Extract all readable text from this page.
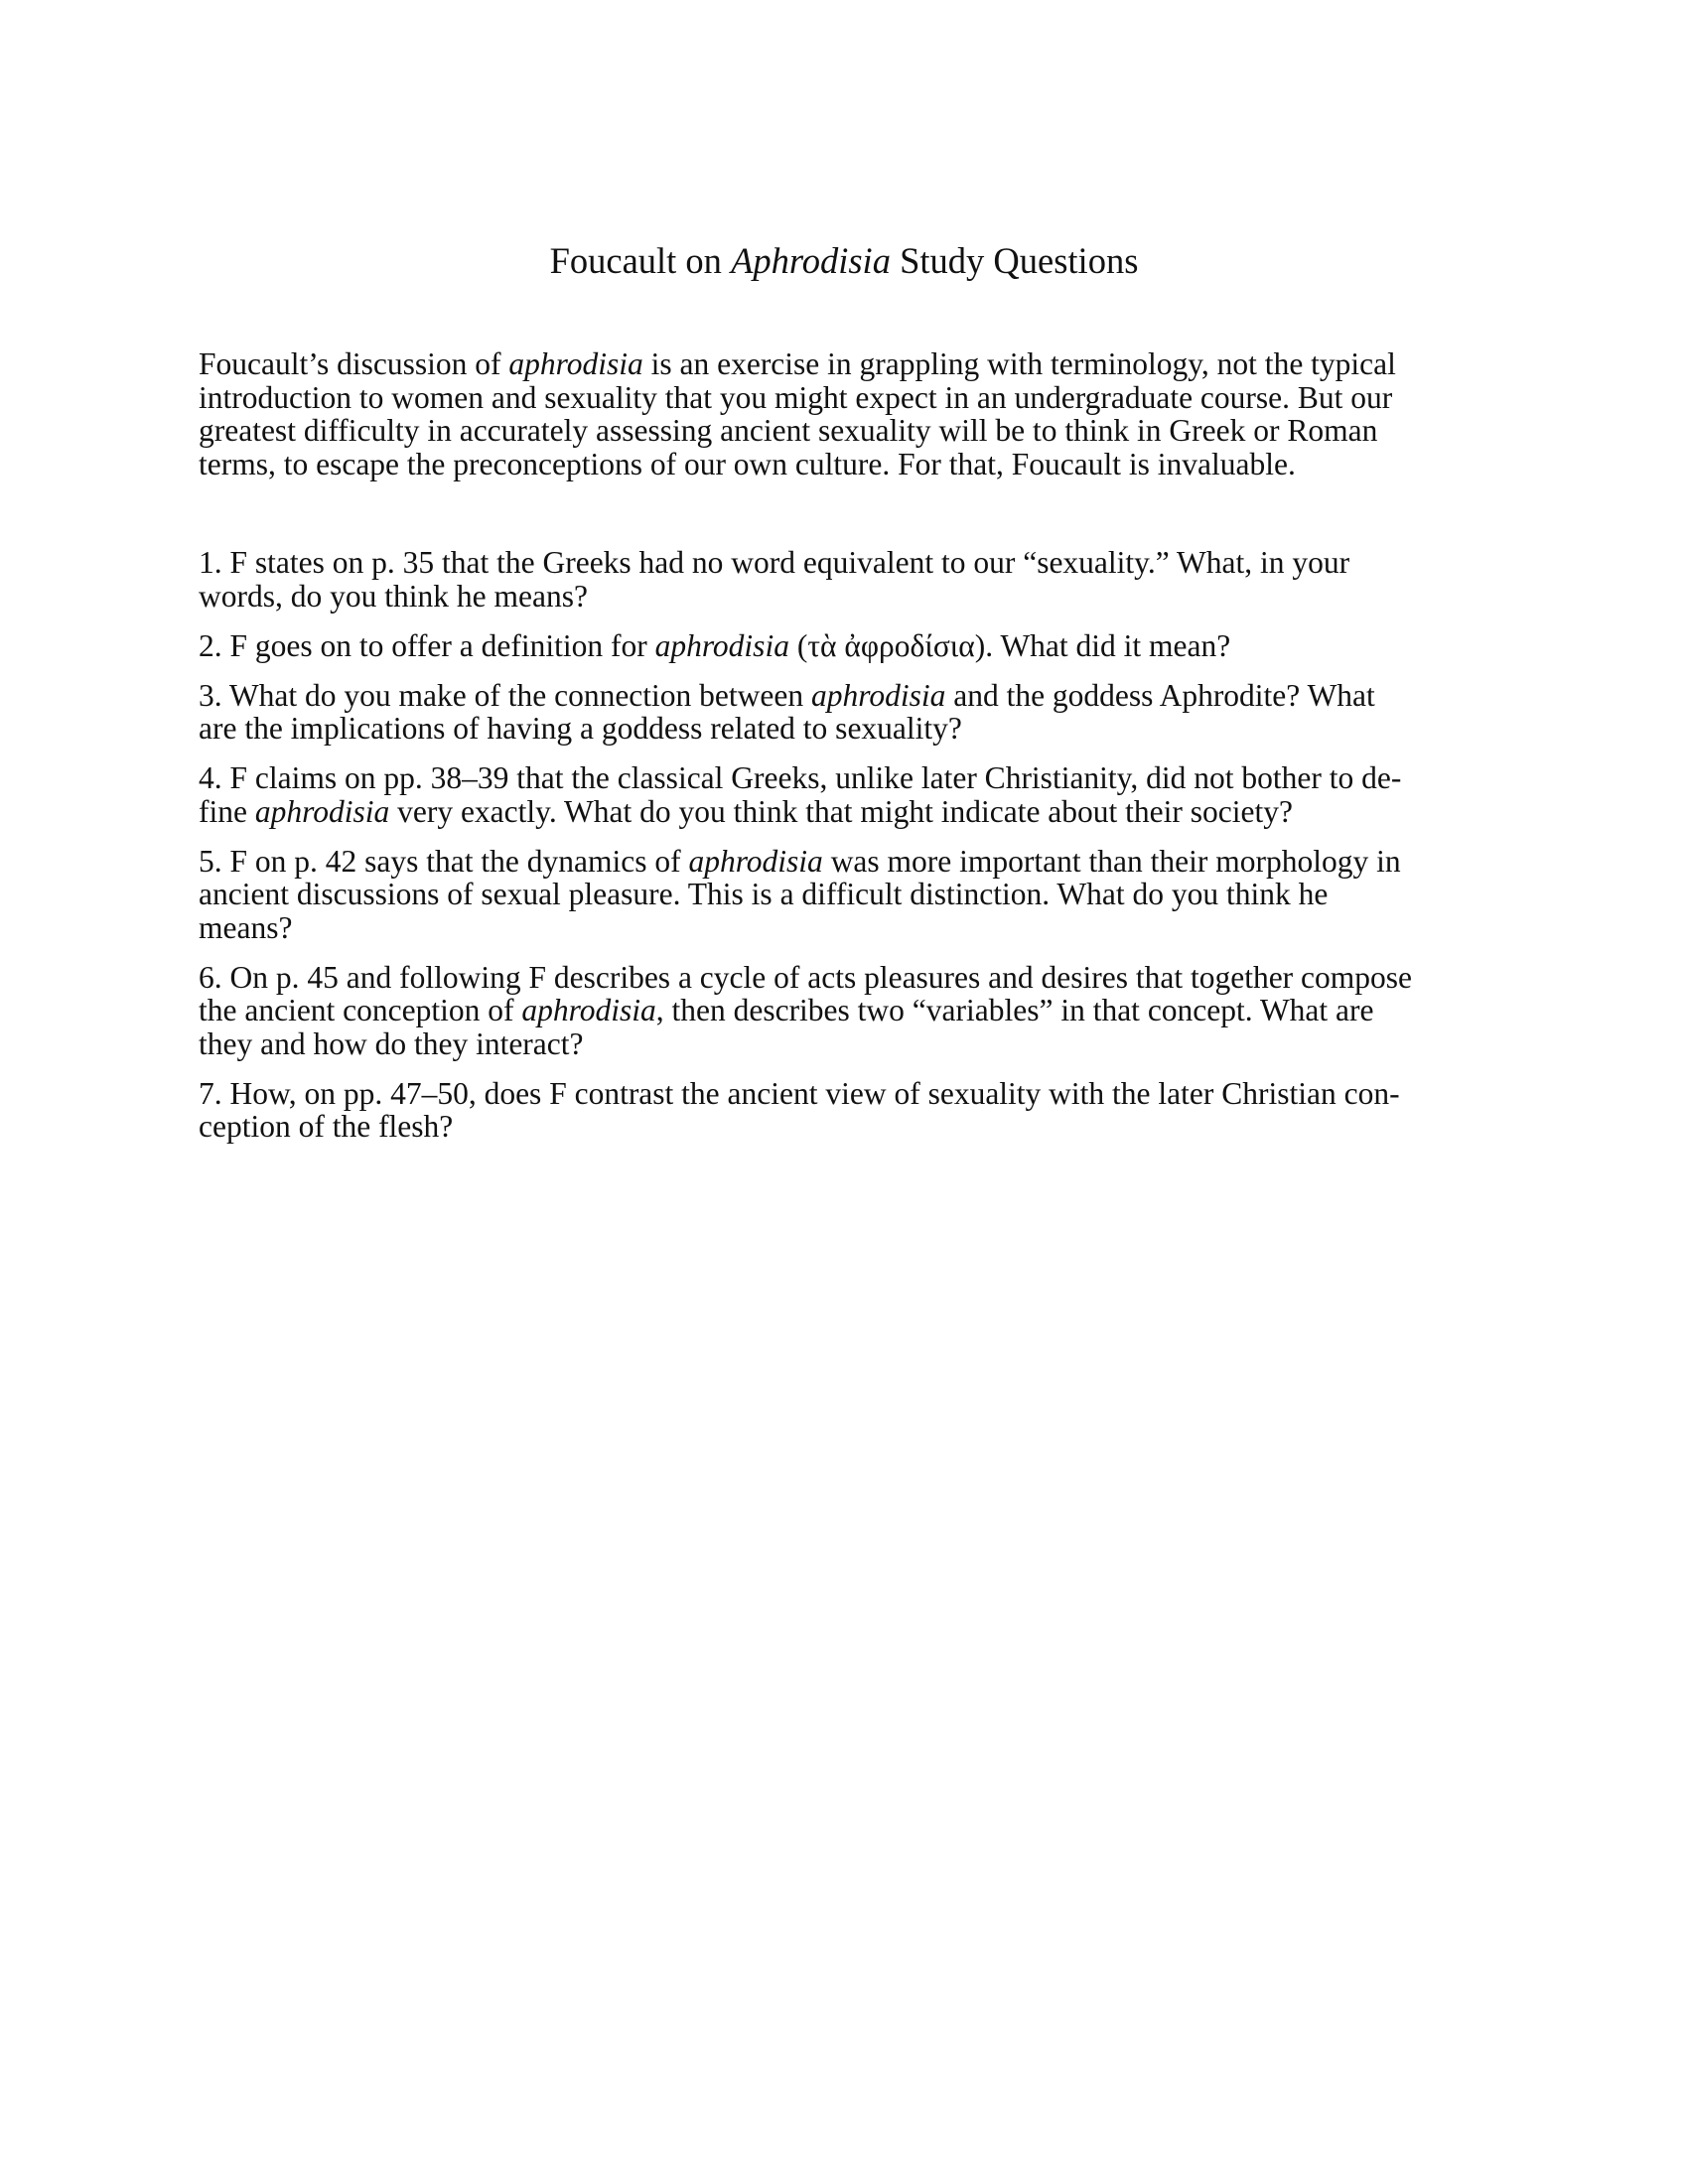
Foucault on Aphrodisia Study Questions

Foucault’s discussion of aphrodisia is an exercise in grappling with terminology, not the typical
introduction to women and sexuality that you might expect in an undergraduate course. But our
greatest difficulty in accurately assessing ancient sexuality will be to think in Greek or Roman
terms, to escape the preconceptions of our own culture. For that, Foucault is invaluable.

1. F states on p. 35 that the Greeks had no word equivalent to our “sexuality.” What, in your
words, do you think he means?
2. F goes on to offer a definition for aphrodisia (τὰ ἀφροδίσια). What did it mean?
3. What do you make of the connection between aphrodisia and the goddess Aphrodite? What
are the implications of having a goddess related to sexuality?
4. F claims on pp. 38–39 that the classical Greeks, unlike later Christianity, did not bother to de-
fine aphrodisia very exactly. What do you think that might indicate about their society?
5. F on p. 42 says that the dynamics of aphrodisia was more important than their morphology in
ancient discussions of sexual pleasure. This is a difficult distinction. What do you think he
means?
6. On p. 45 and following F describes a cycle of acts pleasures and desires that together compose
the ancient conception of aphrodisia, then describes two “variables” in that concept. What are
they and how do they interact?
7. How, on pp. 47–50, does F contrast the ancient view of sexuality with the later Christian con-
ception of the flesh?
